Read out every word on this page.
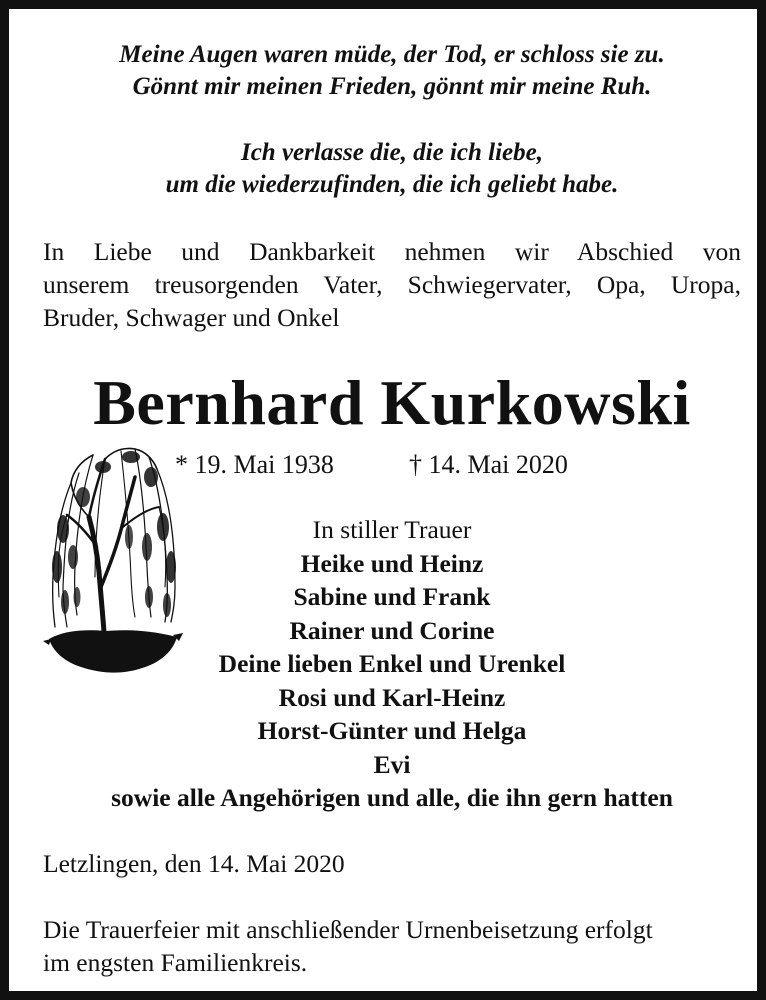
Meine Augen waren müde, der Tod, er schloss sie zu.
Gönnt mir meinen Frieden, gönnt mir meine Ruh.
Ich verlasse die, die ich liebe,
um die wiederzufinden, die ich geliebt habe.
In Liebe und Dankbarkeit nehmen wir Abschied von
unserem treusorgenden Vater, Schwiegervater, Opa, Uropa,
Bruder, Schwager und Onkel
Bernhard Kurkowski
* 19. Mai 1938	† 14. Mai 2020
In stiller Trauer
Heike und Heinz
Sabine und Frank
Rainer und Corine
Deine lieben Enkel und Urenkel
Rosi und Karl-Heinz
Horst-Günter und Helga
Evi
sowie alle Angehörigen und alle, die ihn gern hatten
Letzlingen, den 14. Mai 2020
Die Trauerfeier mit anschließender Urnenbeisetzung erfolgt
im engsten Familienkreis.
